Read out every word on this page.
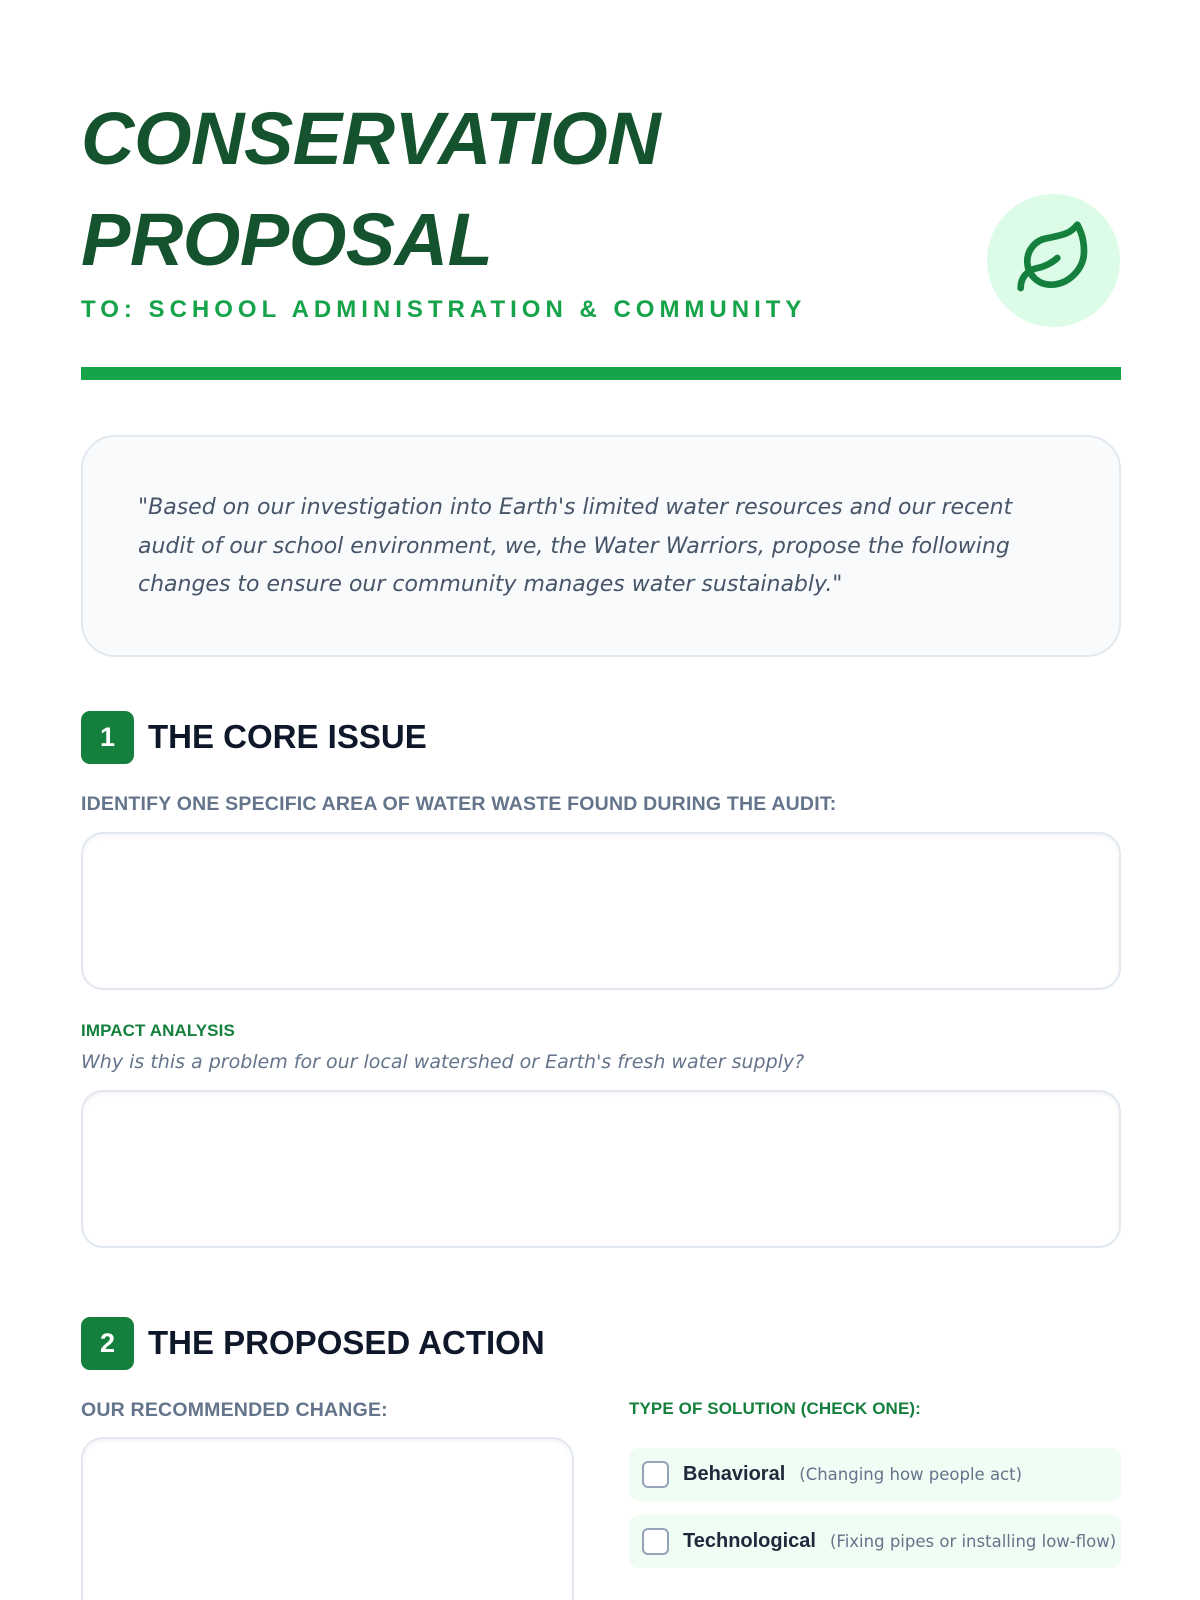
CONSERVATION
PROPOSAL
TO: SCHOOL ADMINISTRATION & COMMUNITY
"Based on our investigation into Earth's limited water resources and our recent audit of our school environment, we, the Water Warriors, propose the following changes to ensure our community manages water sustainably."
1 THE CORE ISSUE
IDENTIFY ONE SPECIFIC AREA OF WATER WASTE FOUND DURING THE AUDIT:
IMPACT ANALYSIS
Why is this a problem for our local watershed or Earth's fresh water supply?
2 THE PROPOSED ACTION
OUR RECOMMENDED CHANGE:	TYPE OF SOLUTION (CHECK ONE):
Behavioral (Changing how people act)
Technological (Fixing pipes or installing low-flow)
